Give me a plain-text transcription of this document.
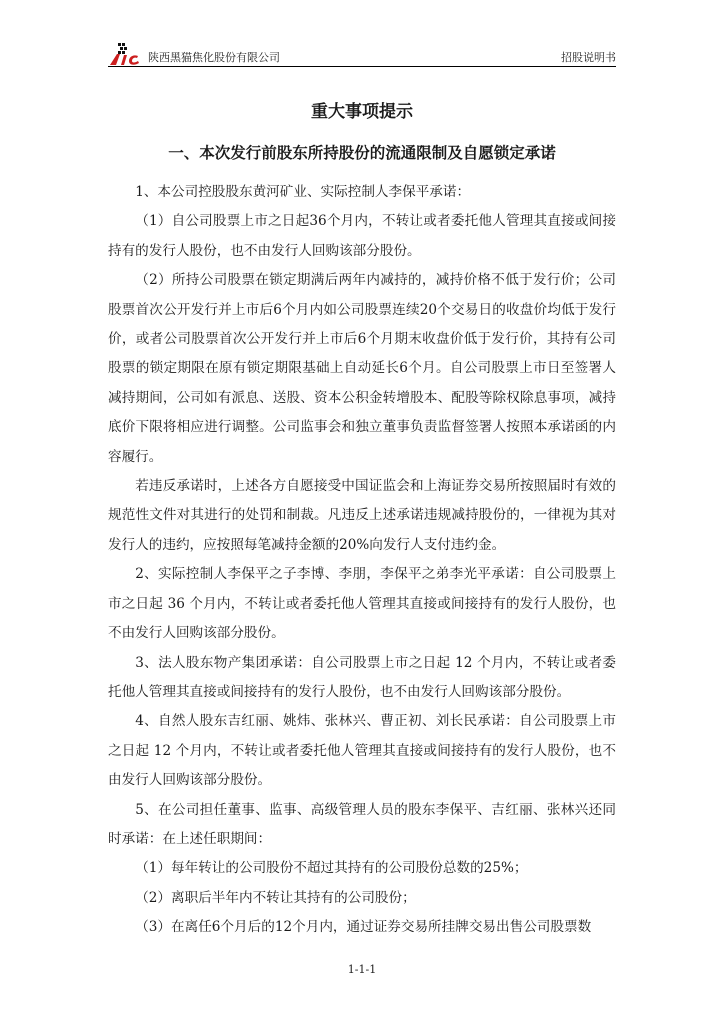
陕西黑猫焦化股份有限公司	招股说明书
重大事项提示
一、本次发行前股东所持股份的流通限制及自愿锁定承诺

1、本公司控股股东黄河矿业、实际控制人李保平承诺：

（1）自公司股票上市之日起36个月内，不转让或者委托他人管理其直接或间接持有的发行人股份，也不由发行人回购该部分股份。

（2）所持公司股票在锁定期满后两年内减持的，减持价格不低于发行价；公司股票首次公开发行并上市后6个月内如公司股票连续20个交易日的收盘价均低于发行价，或者公司股票首次公开发行并上市后6个月期末收盘价低于发行价，其持有公司股票的锁定期限在原有锁定期限基础上自动延长6个月。自公司股票上市日至签署人减持期间，公司如有派息、送股、资本公积金转增股本、配股等除权除息事项，减持底价下限将相应进行调整。公司监事会和独立董事负责监督签署人按照本承诺函的内容履行。

若违反承诺时，上述各方自愿接受中国证监会和上海证券交易所按照届时有效的规范性文件对其进行的处罚和制裁。凡违反上述承诺违规减持股份的，一律视为其对发行人的违约，应按照每笔减持金额的20%向发行人支付违约金。

2、实际控制人李保平之子李博、李朋，李保平之弟李光平承诺：自公司股票上市之日起 36 个月内，不转让或者委托他人管理其直接或间接持有的发行人股份，也不由发行人回购该部分股份。

3、法人股东物产集团承诺：自公司股票上市之日起 12 个月内，不转让或者委托他人管理其直接或间接持有的发行人股份，也不由发行人回购该部分股份。

4、自然人股东吉红丽、姚炜、张林兴、曹正初、刘长民承诺：自公司股票上市之日起 12 个月内，不转让或者委托他人管理其直接或间接持有的发行人股份，也不由发行人回购该部分股份。

5、在公司担任董事、监事、高级管理人员的股东李保平、吉红丽、张林兴还同时承诺：在上述任职期间：

（1）每年转让的公司股份不超过其持有的公司股份总数的25%；

（2）离职后半年内不转让其持有的公司股份；

（3）在离任6个月后的12个月内，通过证券交易所挂牌交易出售公司股票数

1-1-1
